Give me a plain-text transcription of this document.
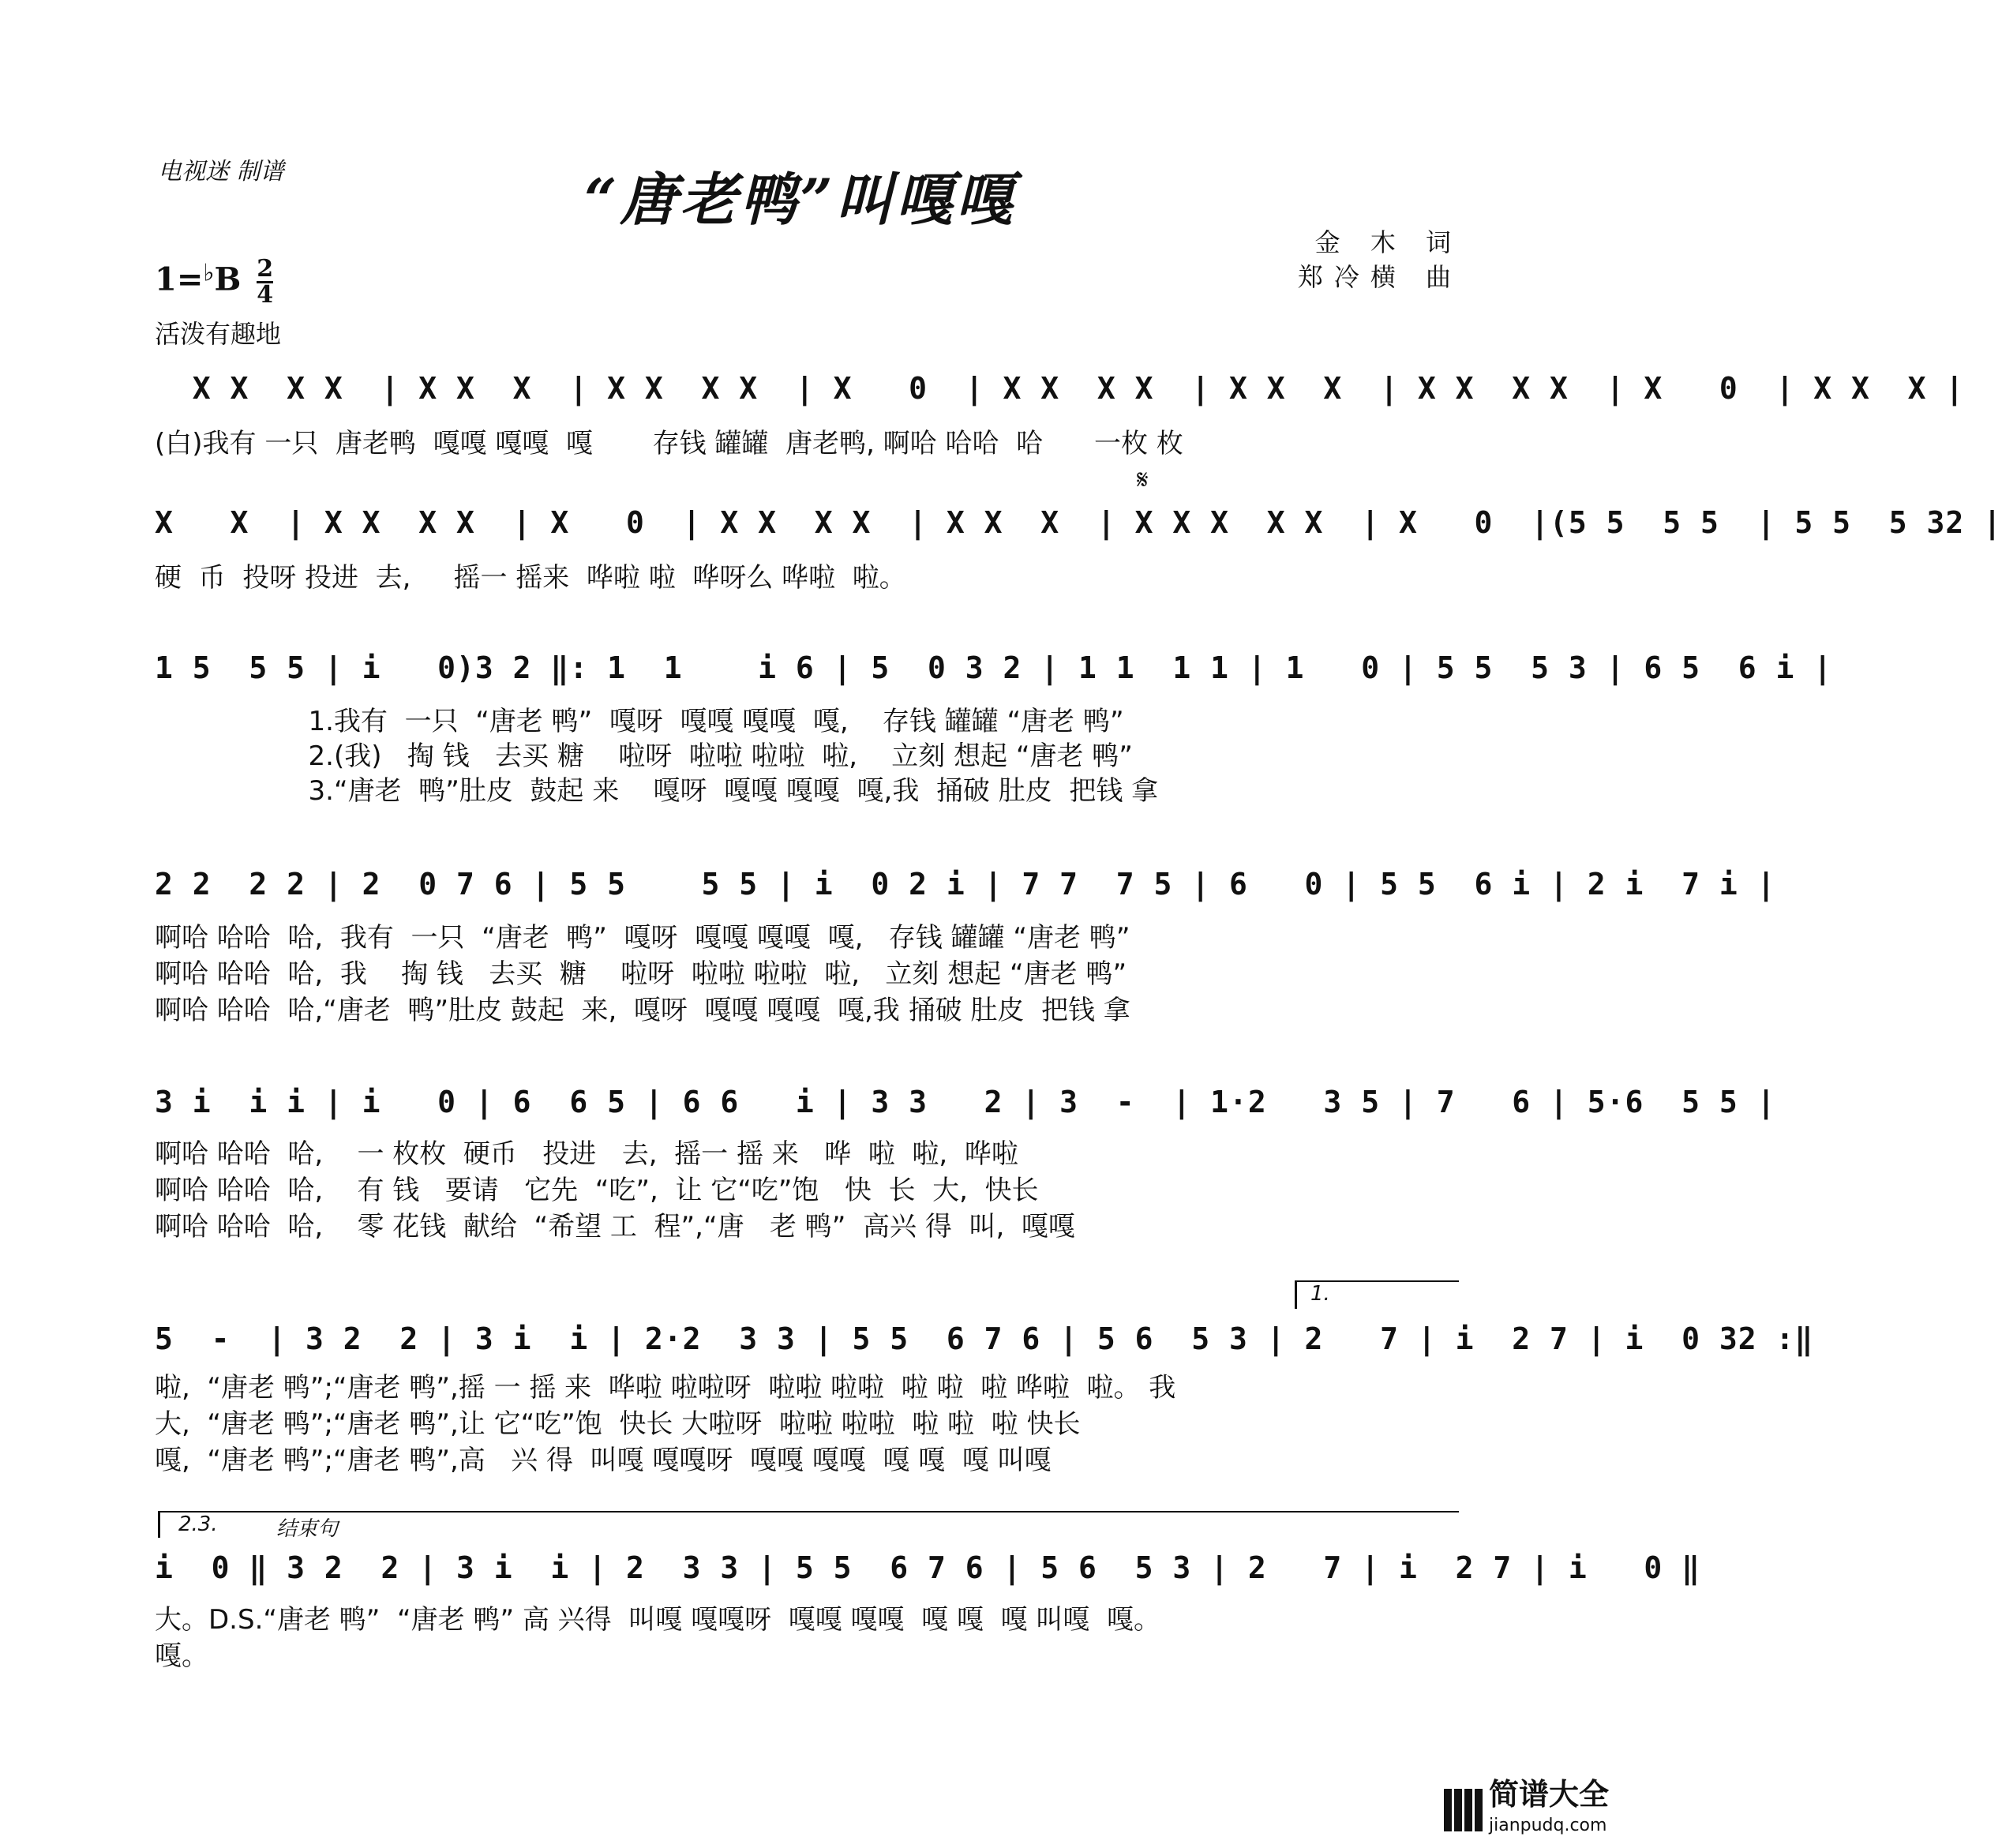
电视迷 制谱	“唐老鸭”叫嘎嘎
金 木 词
郑冷横 曲
$1=^♭B \frac{2}{4}$
活泼有趣地
X X  X X  | X X  X  | X X  X X  | X   0  | X X  X X  | X X  X  | X X  X X  | X   0  | X X  X |
(白)我有 一只  唐老鸭  嘎嘎 嘎嘎  嘎       存钱 罐罐  唐老鸭, 啊哈 哈哈  哈      一枚 枚
𝄋
X   X  | X X  X X  | X   0  | X X  X X  | X X  X  | X X X  X X  | X   0  |(5 5  5 5  | 5 5  5 32 |
硬  币  投呀 投进  去,     摇一 摇来  哗啦 啦  哗呀么 哗啦  啦。
1 5  5 5 | i   0)3 2 ‖: 1  1    i 6 | 5  0 3 2 | 1 1  1 1 | 1   0 | 5 5  5 3 | 6 5  6 i |
1.我有  一只  “唐老 鸭”  嘎呀  嘎嘎 嘎嘎  嘎,    存钱 罐罐 “唐老 鸭”
2.(我)   掏 钱   去买 糖    啦呀  啦啦 啦啦  啦,    立刻 想起 “唐老 鸭”
3.“唐老  鸭”肚皮  鼓起 来    嘎呀  嘎嘎 嘎嘎  嘎,我  捅破 肚皮  把钱 拿
2 2  2 2 | 2  0 7 6 | 5 5    5 5 | i  0 2 i | 7 7  7 5 | 6   0 | 5 5  6 i | 2 i  7 i |
啊哈 哈哈  哈,  我有  一只  “唐老  鸭”  嘎呀  嘎嘎 嘎嘎  嘎,   存钱 罐罐 “唐老 鸭”
啊哈 哈哈  哈,  我    掏 钱   去买  糖    啦呀  啦啦 啦啦  啦,   立刻 想起 “唐老 鸭”
啊哈 哈哈  哈,“唐老  鸭”肚皮 鼓起  来,  嘎呀  嘎嘎 嘎嘎  嘎,我 捅破 肚皮  把钱 拿
3 i  i i | i   0 | 6  6 5 | 6 6   i | 3 3   2 | 3  -  | 1·2   3 5 | 7   6 | 5·6  5 5 |
啊哈 哈哈  哈,    一 枚枚  硬币   投进   去,  摇一 摇 来   哗  啦  啦,  哗啦
啊哈 哈哈  哈,    有 钱   要请   它先  “吃”,  让 它“吃”饱   快  长  大,  快长
啊哈 哈哈  哈,    零 花钱  献给  “希望 工  程”,“唐   老 鸭”  高兴 得  叫,  嘎嘎
1.
5  -  | 3 2  2 | 3 i  i | 2·2  3 3 | 5 5  6 7 6 | 5 6  5 3 | 2   7 | i  2 7 | i  0 32 :‖
啦,  “唐老 鸭”;“唐老 鸭”,摇 一 摇 来  哗啦 啦啦呀  啦啦 啦啦  啦 啦  啦 哗啦  啦。 我
大,  “唐老 鸭”;“唐老 鸭”,让 它“吃”饱  快长 大啦呀  啦啦 啦啦  啦 啦  啦 快长
嘎,  “唐老 鸭”;“唐老 鸭”,高   兴 得  叫嘎 嘎嘎呀  嘎嘎 嘎嘎  嘎 嘎  嘎 叫嘎
2.3.	结束句
i  0 ‖ 3 2  2 | 3 i  i | 2  3 3 | 5 5  6 7 6 | 5 6  5 3 | 2   7 | i  2 7 | i   0 ‖
大。D.S.“唐老 鸭”  “唐老 鸭” 高 兴得  叫嘎 嘎嘎呀  嘎嘎 嘎嘎  嘎 嘎  嘎 叫嘎  嘎。
嘎。
简谱大全
jianpudq.com
